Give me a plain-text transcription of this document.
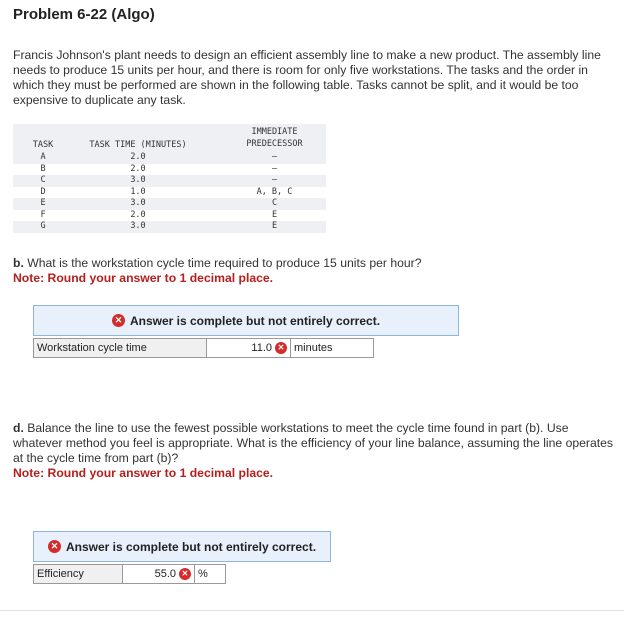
Problem 6-22 (Algo)
Francis Johnson's plant needs to design an efficient assembly line to make a new product. The assembly line needs to produce 15 units per hour, and there is room for only five workstations. The tasks and the order in which they must be performed are shown in the following table. Tasks cannot be split, and it would be too expensive to duplicate any task.
TASK	TASK TIME (MINUTES)
IMMEDIATE
PREDECESSOR
A	2.0	–
B	2.0	–
C	3.0	–
D	1.0	A, B, C
E	3.0	C
F	2.0	E
G	3.0	E
b. What is the workstation cycle time required to produce 15 units per hour?
Note: Round your answer to 1 decimal place.
✕ Answer is complete but not entirely correct.
Workstation cycle time	11.0 ✕ minutes
d. Balance the line to use the fewest possible workstations to meet the cycle time found in part (b). Use whatever method you feel is appropriate. What is the efficiency of your line balance, assuming the line operates at the cycle time from part (b)?
Note: Round your answer to 1 decimal place.
✕ Answer is complete but not entirely correct.
Efficiency	55.0 ✕ %
